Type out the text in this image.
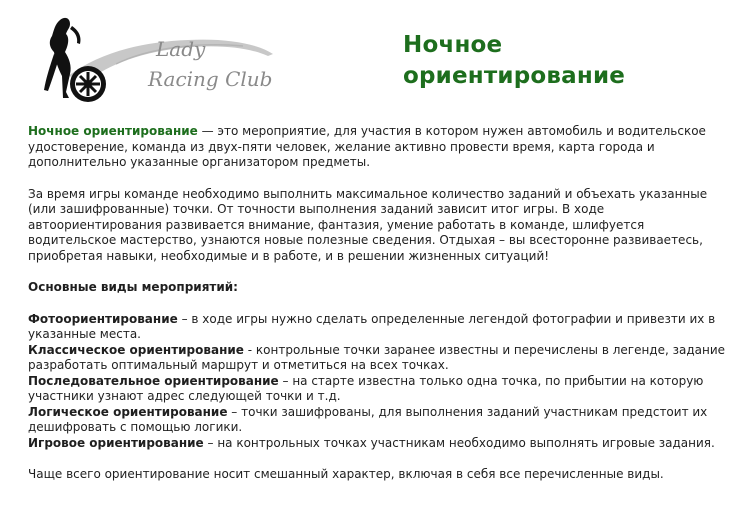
Lady
Racing Club
Ночное
ориентирование

Ночное ориентирование — это мероприятие, для участия в котором нужен автомобиль и водительское удостоверение, команда из двух-пяти человек, желание активно провести время, карта города и дополнительно указанные организатором предметы.

За время игры команде необходимо выполнить максимальное количество заданий и объехать указанные (или зашифрованные) точки. От точности выполнения заданий зависит итог игры. В ходе автоориентирования развивается внимание, фантазия, умение работать в команде, шлифуется водительское мастерство, узнаются новые полезные сведения. Отдыхая – вы всесторонне развиваетесь, приобретая навыки, необходимые и в работе, и в решении жизненных ситуаций!

Основные виды мероприятий:

Фотоориентирование – в ходе игры нужно сделать определенные легендой фотографии и привезти их в указанные места.

Классическое ориентирование - контрольные точки заранее известны и перечислены в легенде, задание разработать оптимальный маршрут и отметиться на всех точках.

Последовательное ориентирование – на старте известна только одна точка, по прибытии на которую участники узнают адрес следующей точки и т.д.

Логическое ориентирование – точки зашифрованы, для выполнения заданий участникам предстоит их дешифровать с помощью логики.

Игровое ориентирование – на контрольных точках участникам необходимо выполнять игровые задания.

Чаще всего ориентирование носит смешанный характер, включая в себя все перечисленные виды.
